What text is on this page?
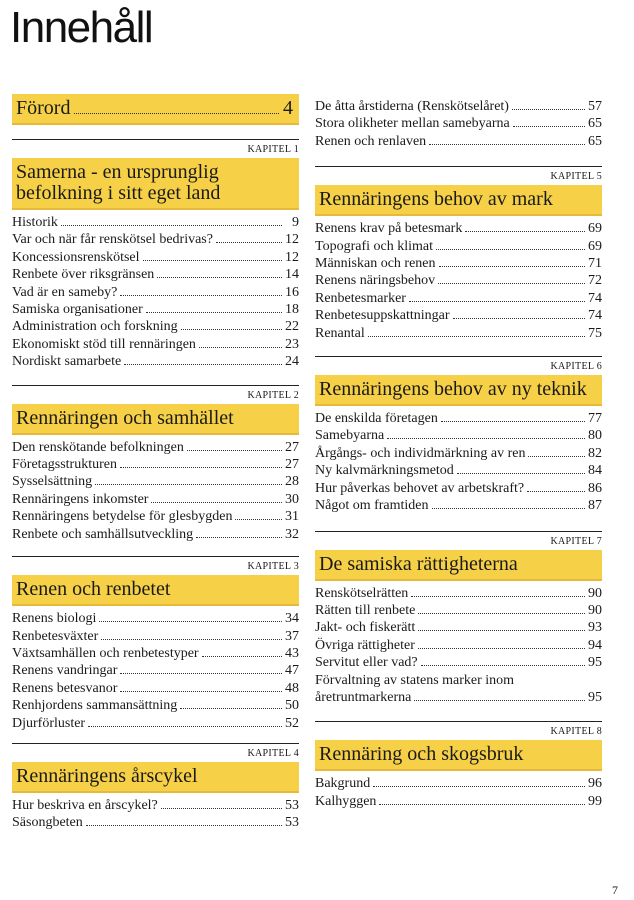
Innehåll
Förord	4
KAPITEL 1
Samerna - en ursprunglig befolkning i sitt eget land
Historik	9
Var och när får renskötsel bedrivas?	12
Koncessionsrenskötsel	12
Renbete över riksgränsen	14
Vad är en sameby?	16
Samiska organisationer	18
Administration och forskning	22
Ekonomiskt stöd till rennäringen	23
Nordiskt samarbete	24
KAPITEL 2
Rennäringen och samhället
Den renskötande befolkningen	27
Företagsstrukturen	27
Sysselsättning	28
Rennäringens inkomster	30
Rennäringens betydelse för glesbygden	31
Renbete och samhällsutveckling	32
KAPITEL 3
Renen och renbetet
Renens biologi	34
Renbetesväxter	37
Växtsamhällen och renbetestyper	43
Renens vandringar	47
Renens betesvanor	48
Renhjordens sammansättning	50
Djurförluster	52
KAPITEL 4
Rennäringens årscykel
Hur beskriva en årscykel?	53
Säsongbeten	53
De åtta årstiderna (Renskötselåret)	57
Stora olikheter mellan samebyarna	65
Renen och renlaven	65
KAPITEL 5
Rennäringens behov av mark
Renens krav på betesmark	69
Topografi och klimat	69
Människan och renen	71
Renens näringsbehov	72
Renbetesmarker	74
Renbetesuppskattningar	74
Renantal	75
KAPITEL 6
Rennäringens behov av ny teknik
De enskilda företagen	77
Samebyarna	80
Årgångs- och individmärkning av ren	82
Ny kalvmärkningsmetod	84
Hur påverkas behovet av arbetskraft?	86
Något om framtiden	87
KAPITEL 7
De samiska rättigheterna
Renskötselrätten	90
Rätten till renbete	90
Jakt- och fiskerätt	93
Övriga rättigheter	94
Servitut eller vad?	95
Förvaltning av statens marker inom
åretruntmarkerna	95
KAPITEL 8
Rennäring och skogsbruk
Bakgrund	96
Kalhyggen	99
7
